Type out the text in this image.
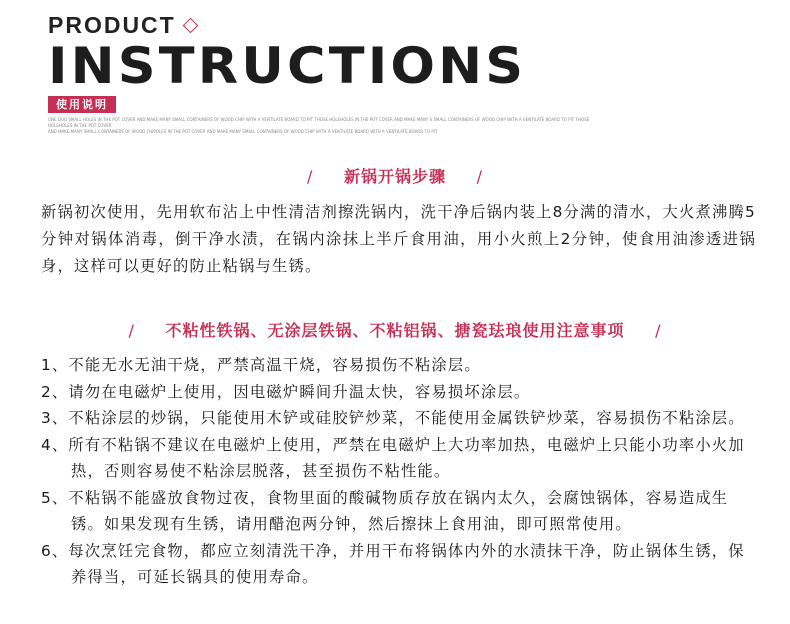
PRODUCT
INSTRUCTIONS
使用说明
ONE DUO SMALL HOLES IN THE POT COVER AND MAKE MANY SMALL CONTAINERS OF WOOD CHIP WITH A VENTILATE BOARD TO PIT THOSE HOLEHOLES IN THE POT COVER AND MAKE MANY S SMALL CONTAINERS OF WOOD CHIP WITH A VENTILATE BOARD TO PIT THOSE HOLEHOLES IN THE POT COVER
AND MAKE MANY SMALL CONTAINERS OF WOOD CHIPOLES IN THE POT COVER AND MAKE MANY SMALL CONTAINERS OF WOOD CHIP WITH A VENTILATE BOARD WITH A VENTILATE BOARD TO PIT
/ 新锅开锅步骤 /
新锅初次使用，先用软布沾上中性清洁剂擦洗锅内，洗干净后锅内装上8分满的清水，大火煮沸腾5分钟对锅体消毒，倒干净水渍，在锅内涂抹上半斤食用油，用小火煎上2分钟，使食用油渗透进锅身，这样可以更好的防止粘锅与生锈。
/ 不粘性铁锅、无涂层铁锅、不粘铝锅、搪瓷珐琅使用注意事项 /
1、不能无水无油干烧，严禁高温干烧，容易损伤不粘涂层。
2、请勿在电磁炉上使用，因电磁炉瞬间升温太快，容易损坏涂层。
3、不粘涂层的炒锅，只能使用木铲或硅胶铲炒菜，不能使用金属铁铲炒菜，容易损伤不粘涂层。
4、所有不粘锅不建议在电磁炉上使用，严禁在电磁炉上大功率加热，电磁炉上只能小功率小火加热，否则容易使不粘涂层脱落，甚至损伤不粘性能。
5、不粘锅不能盛放食物过夜，食物里面的酸碱物质存放在锅内太久，会腐蚀锅体，容易造成生锈。如果发现有生锈，请用醋泡两分钟，然后擦抹上食用油，即可照常使用。
6、每次烹饪完食物，都应立刻清洗干净，并用干布将锅体内外的水渍抹干净，防止锅体生锈，保养得当，可延长锅具的使用寿命。
